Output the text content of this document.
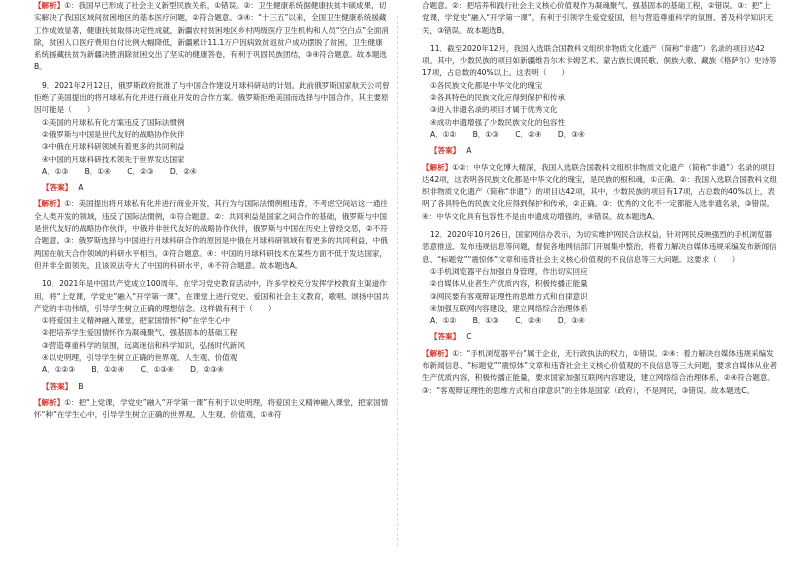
【解析】①：我国早已形成了社会主义新型民族关系，①错误。②：卫生健康系统据健康扶贫丰硕成果，切实解决了我国区域间贫困地区的基本医疗问题，②符合题意。③④：“十三五”以来，全国卫生健康系统援藏工作成效显著，健康扶贫取得决定性成就，新疆农村贫困地区乡村两级医疗卫生机构和人员“空白点”全面消除，贫困人口医疗费用自付比例大幅降低，新疆累计11.1万户因病致贫返贫户成功摆脱了贫困，卫生健康系统援藏扶贫为新疆决胜消除贫困交出了坚实的健康答卷，有利于巩固民族团结，③④符合题意。故本题选B。

9．2021年2月12日，俄罗斯政府批准了与中国合作建设月球科研站的计划。此前俄罗斯国家航天公司曾拒绝了美国提出的将月球私有化并进行商业开发的合作方案。俄罗斯拒绝美国而选择与中国合作，其主要原因可能是（　　）

①美国的月球私有化方案违反了国际法惯例

②俄罗斯与中国是世代友好的战略协作伙伴

③中俄在月球科研领域有着更多的共同利益

④中国的月球科研技术领先于世界发达国家

A．①③ B．①④ C．②③ D．②④

【答案】 A

【解析】①：美国提出将月球私有化并进行商业开发，其行为与国际法惯例相违背，不考虑空间站这一通往全人类开发的领域，违反了国际法惯例，①符合题意。②：共同利益是国家之间合作的基础，俄罗斯与中国是世代友好的战略协作伙伴，中俄并非世代友好的战略协作伙伴，俄罗斯与中国在历史上曾经交恶，②不符合题意。③：俄罗斯选择与中国进行月球科研合作的原因是中俄在月球科研领域有着更多的共同利益，中俄两国在航天合作领域的科研水平相当，③符合题意。④：中国的月球科研技术在某些方面不低于发达国家，但并非全面领先，且该说法夸大了中国的科研水平，④不符合题意。故本题选A。

10．2021年是中国共产党成立100周年。在学习党史教育活动中，许多学校充分发挥学校教育主渠道作用，将“上党课，学党史”融入“开学第一课”，在课堂上进行党史、爱国和社会主义教育，歌唱、颂扬中国共产党的丰功伟绩，引导学生树立正确的理想信念。这样做有利于（　　）

①将爱国主义精神融入课堂，把家国情怀“种”在学生心中

②把培养学生爱国情怀作为凝魂聚气、强基固本的基础工程

③营造尊重科学的氛围，远离迷信和科学知识，弘扬时代新风

④以史明理，引导学生树立正确的世界观、人生观、价值观

A．①②③ B．①②④ C．①③④ D．②③④

【答案】 B

【解析】①：把“上党课，学党史”融入“开学第一课”有利于以史明理，将爱国主义精神融入课堂，把家国情怀“种”在学生心中，引导学生树立正确的世界观、人生观、价值观，①④符

合题意。②：把培养和践行社会主义核心价值观作为凝魂聚气、强基固本的基础工程，②错误。③：把“上党课，学党史”融入“开学第一课”，有利于引领学生爱党爱国，但与营造尊重科学的氛围、普及科学知识无关，③错误。故本题选B。

11．截至2020年12月，我国入选联合国教科文组织非物质文化遗产（简称“非遗”）名录的项目达42项。其中，少数民族的项目如新疆维吾尔木卡姆艺术、蒙古族长调民歌、侗族大歌、藏族《格萨尔》史诗等17项，占总数的40%以上。这表明（　　）

①各民族文化都是中华文化的瑰宝

②各具特色的民族文化应得到保护和传承

③进入非遗名录的项目才属于优秀文化

④成功申遗增强了少数民族文化的包容性

A．①② B．①③ C．②④ D．③④

【答案】 A

【解析】①②：中华文化博大精深，我国入选联合国教科文组织非物质文化遗产（简称“非遗”）名录的项目达42项，这表明各民族文化都是中华文化的瑰宝，是民族的根和魂，①正确。②：我国入选联合国教科文组织非物质文化遗产（简称“非遗”）的项目达42项，其中，少数民族的项目有17项，占总数的40%以上，表明了各具特色的民族文化应得到保护和传承，②正确。③：优秀的文化不一定都能入选非遗名录，③错误。④：中华文化具有包容性不是由申遗成功增强的，④错误。故本题选A。

12．2020年10月26日，国家网信办表示，为切实维护网民合法权益，针对网民反映强烈的手机浏览器恶意推送、发布违规信息等问题，督促各地网信部门开展集中整治，将着力解决自媒体违规采编发布新闻信息、“标题党”“震惊体”文章和违背社会主义核心价值观的不良信息等三大问题。这要求（　　）

①手机浏览器平台加强自身管理，作出切实回应

②自媒体从业者生产优质内容，积极传播正能量

③网民要有客观辩证理性的思维方式和自律意识

④加强互联网内容建设，建立网络综合治理体系

A．①② B．①③ C．②④ D．③④

【答案】 C

【解析】①：“手机浏览器平台”属于企业，无行政执法的权力，①错误。②④：着力解决自媒体违规采编发布新闻信息、“标题党”“震惊体”文章和违背社会主义核心价值观的不良信息等三大问题，要求自媒体从业者生产优质内容，积极传播正能量，要求国家加强互联网内容建设，建立网络综合治理体系，②④符合题意。③：“客观辩证理性的思维方式和自律意识”的主体是国家（政府），不是网民，③错误。故本题选C。
